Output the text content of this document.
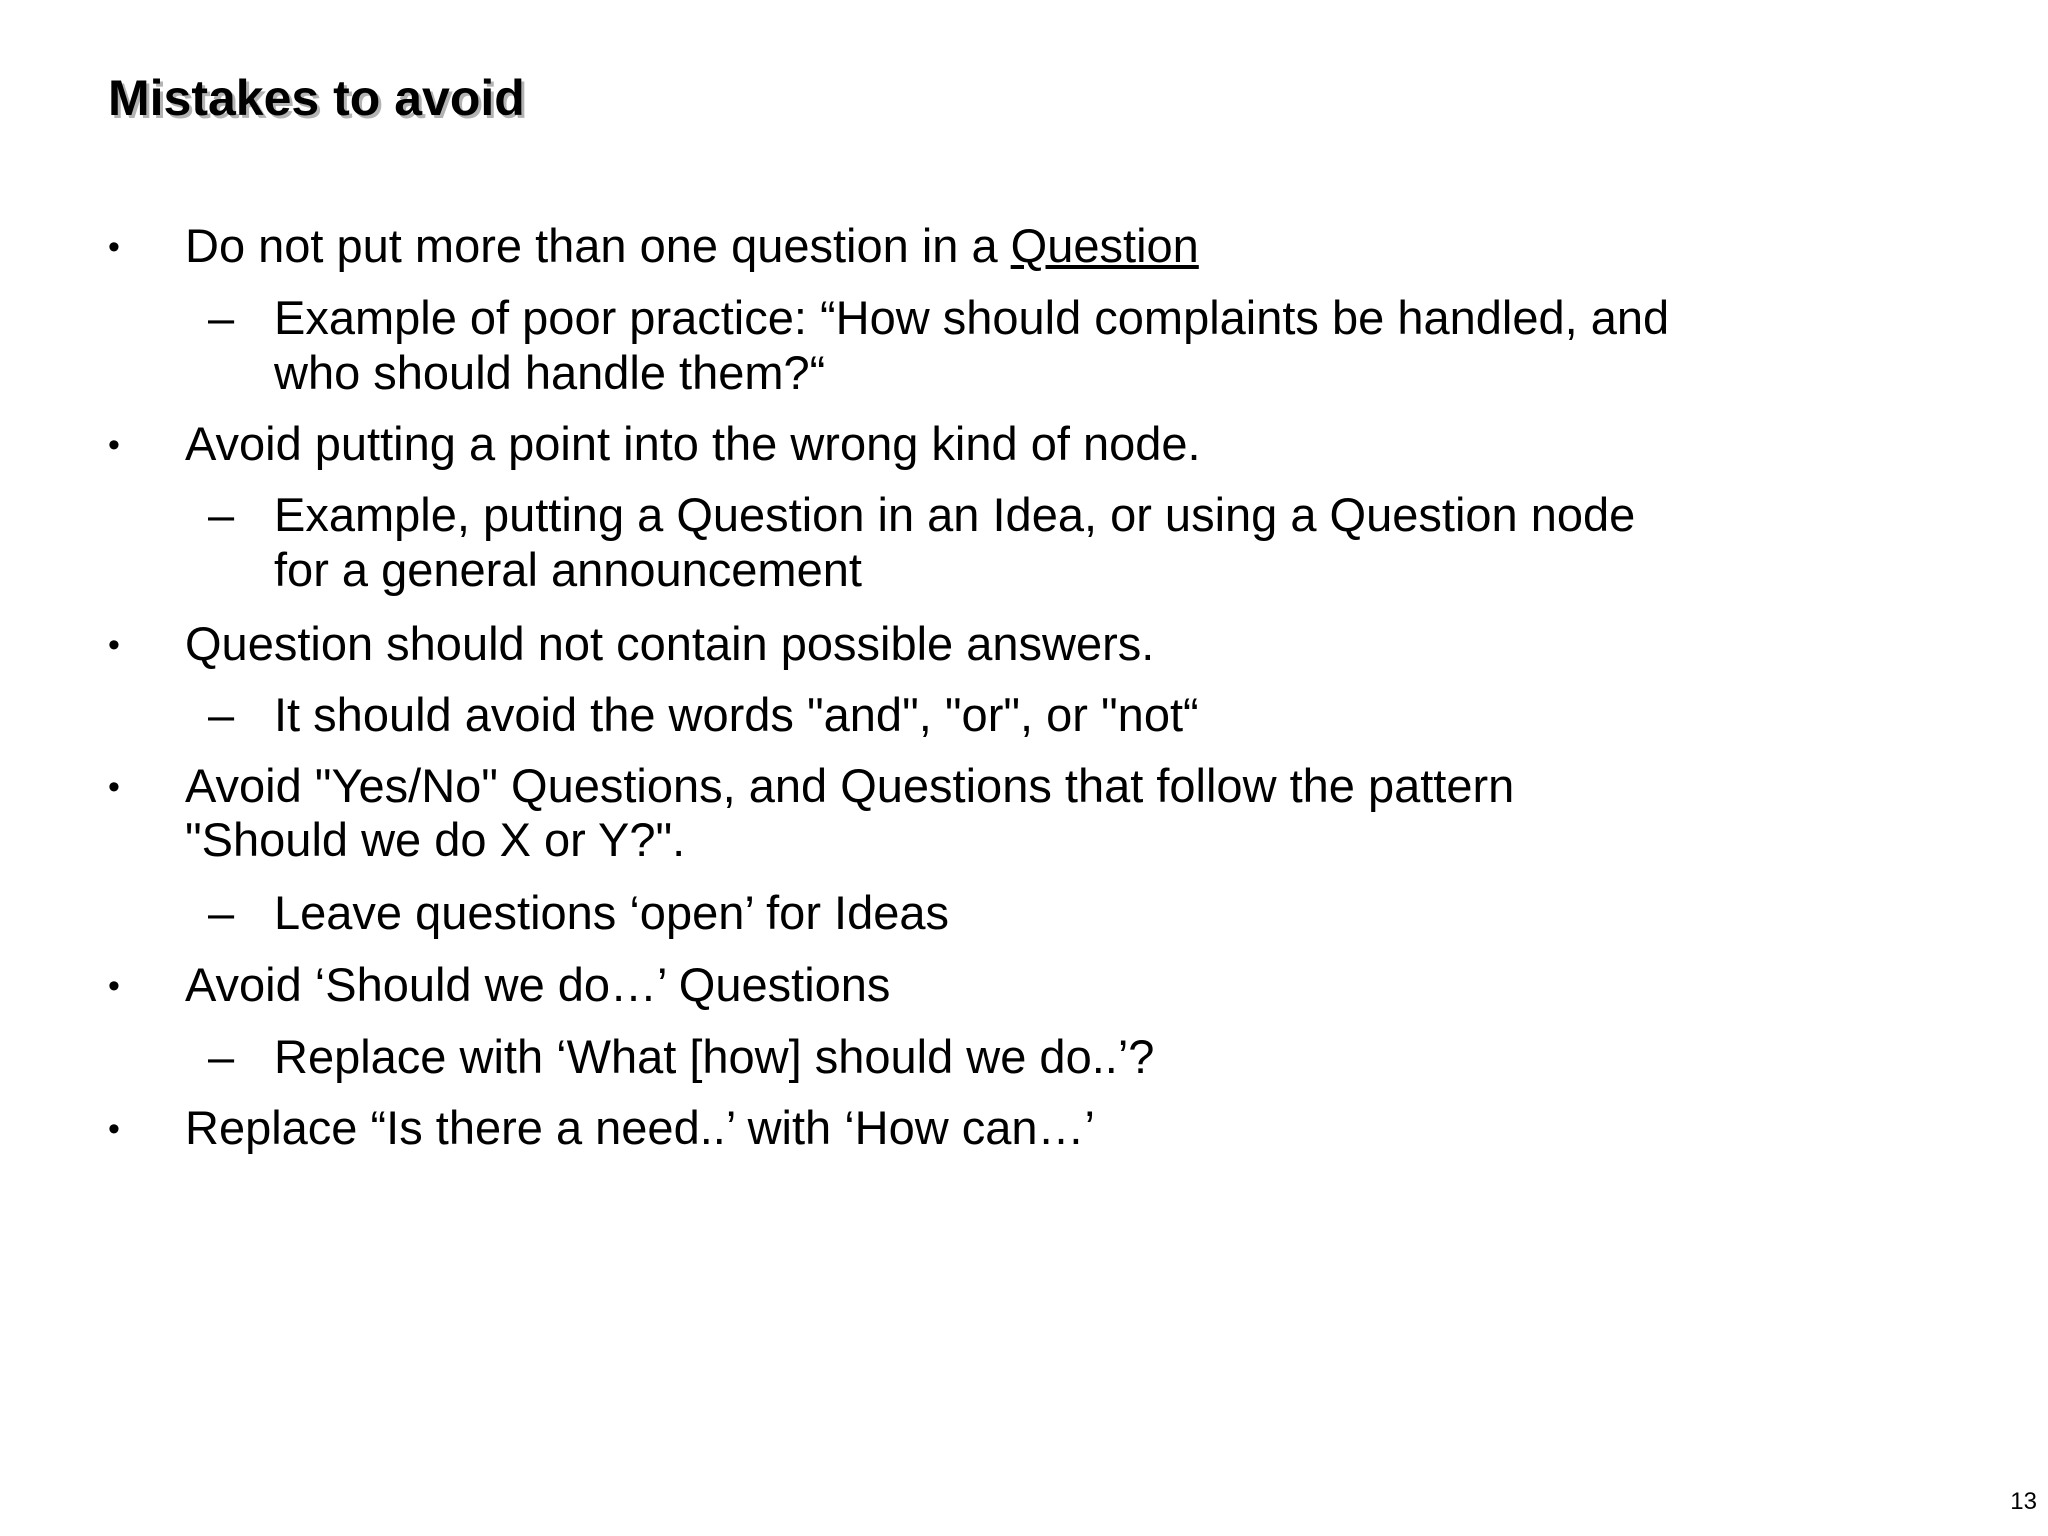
Mistakes to avoid
• Do not put more than one question in a Question
– Example of poor practice: “How should complaints be handled, and
who should handle them?“
• Avoid putting a point into the wrong kind of node.
– Example, putting a Question in an Idea, or using a Question node
for a general announcement
• Question should not contain possible answers.
– It should avoid the words "and", "or", or "not“
• Avoid "Yes/No" Questions, and Questions that follow the pattern
"Should we do X or Y?".
– Leave questions ‘open’ for Ideas
• Avoid ‘Should we do…’ Questions
– Replace with ‘What [how] should we do..’?
• Replace “Is there a need..’ with ‘How can…’
13
